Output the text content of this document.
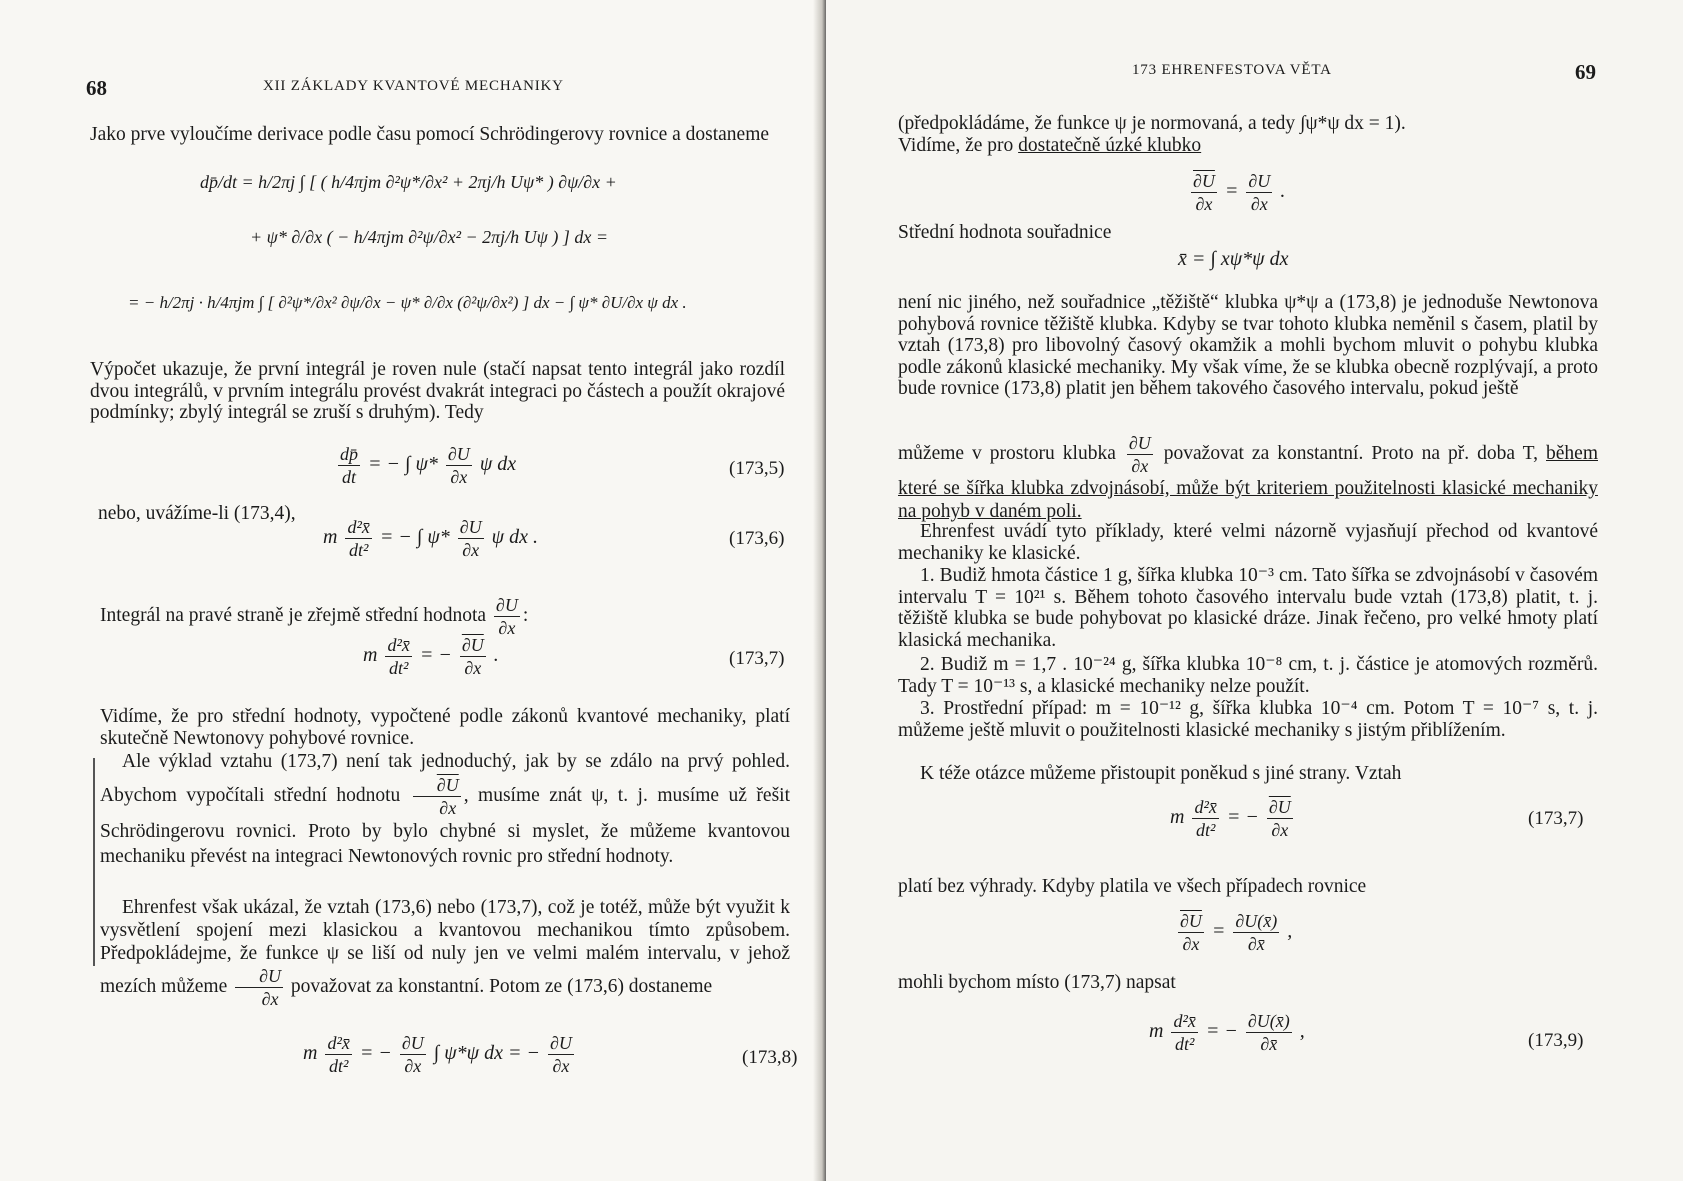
68	XII ZÁKLADY KVANTOVÉ MECHANIKY
Jako prve vyloučíme derivace podle času pomocí Schrödingerovy rovnice a dostaneme
dp̄/dt = h/2πj ∫ [ ( h/4πjm ∂²ψ*/∂x² + 2πj/h Uψ* ) ∂ψ/∂x +
+ ψ* ∂/∂x ( − h/4πjm ∂²ψ/∂x² − 2πj/h Uψ ) ] dx =
= − h/2πj · h/4πjm ∫ [ ∂²ψ*/∂x² ∂ψ/∂x − ψ* ∂/∂x (∂²ψ/∂x²) ] dx − ∫ ψ* ∂U/∂x ψ dx .
Výpočet ukazuje, že první integrál je roven nule (stačí napsat tento integrál jako rozdíl dvou integrálů, v prvním integrálu provést dvakrát integraci po částech a použít okrajové podmínky; zbylý integrál se zruší s druhým). Tedy
$\frac{dp̄}{dt}$ = − ∫ $\psi* \frac{\partial U}{\partial x}$ ψ dx	(173,5)
nebo, uvážíme-li (173,4),
m $\frac{\text{d²x̄}}{\text{dt²}}$ = − ∫ $\psi* \frac{\partial U}{\partial x}$ ψ dx .	(173,6)
Integrál na pravé straně je zřejmě střední hodnota $\frac{\partial U}{\partial x}$ :
m $\frac{\text{d²x̄}}{\text{dt²}}$ = − $\frac{\partial U}{\partial x}$ .	(173,7)
Vidíme, že pro střední hodnoty, vypočtené podle zákonů kvantové mechaniky, platí skutečně Newtonovy pohybové rovnice.
Ale výklad vztahu (173,7) není tak jednoduchý, jak by se zdálo na prvý pohled. Abychom vypočítali střední hodnotu $\frac{\partial U}{\partial x}$ , musíme znát ψ, t. j. musíme už řešit Schrödingerovu rovnici. Proto by bylo chybné si myslet, že můžeme kvantovou mechaniku převést na integraci Newtonových rovnic pro střední hodnoty.
Ehrenfest však ukázal, že vztah (173,6) nebo (173,7), což je totéž, může být využit k vysvětlení spojení mezi klasickou a kvantovou mechanikou tímto způsobem. Předpokládejme, že funkce ψ se liší od nuly jen ve velmi malém intervalu, v jehož mezích můžeme $\frac{\partial U}{\partial x}$ považovat za konstantní. Potom ze (173,6) dostaneme
m $\frac{\text{d²x̄}}{\text{dt²}}$ = − $\frac{\partial U}{\partial x}$ ∫ ψ*ψ dx = − $\frac{\partial U}{\partial x}$	(173,8)
173 EHRENFESTOVA VĚTA	69
(předpokládáme, že funkce ψ je normovaná, a tedy ∫ψ*ψ dx = 1).
Vidíme, že pro dostatečně úzké klubko
$\frac{\partial U}{\partial x} = \frac{\partial U}{\partial x}$ .
Střední hodnota souřadnice
x̄ = ∫ xψ*ψ dx
není nic jiného, než souřadnice „těžiště“ klubka ψ*ψ a (173,8) je jednoduše Newtonova pohybová rovnice těžiště klubka. Kdyby se tvar tohoto klubka neměnil s časem, platil by vztah (173,8) pro libovolný časový okamžik a mohli bychom mluvit o pohybu klubka podle zákonů klasické mechaniky. My však víme, že se klubka obecně rozplývají, a proto bude rovnice (173,8) platit jen během takového časového intervalu, pokud ještě
můžeme v prostoru klubka $\frac{\partial U}{\partial x}$ považovat za konstantní. Proto na př. doba T, během které se šířka klubka zdvojnásobí, může být kriteriem použitelnosti klasické mechaniky na pohyb v daném poli.
Ehrenfest uvádí tyto příklady, které velmi názorně vyjasňují přechod od kvantové mechaniky ke klasické.
1. Budiž hmota částice 1 g, šířka klubka 10⁻³ cm. Tato šířka se zdvojnásobí v časovém intervalu T = 10²¹ s. Během tohoto časového intervalu bude vztah (173,8) platit, t. j. těžiště klubka se bude pohybovat po klasické dráze. Jinak řečeno, pro velké hmoty platí klasická mechanika.
2. Budiž m = 1,7 . 10⁻²⁴ g, šířka klubka 10⁻⁸ cm, t. j. částice je atomových rozměrů. Tady T = 10⁻¹³ s, a klasické mechaniky nelze použít.
3. Prostřední případ: m = 10⁻¹² g, šířka klubka 10⁻⁴ cm. Potom T = 10⁻⁷ s, t. j. můžeme ještě mluvit o použitelnosti klasické mechaniky s jistým přiblížením.
K téže otázce můžeme přistoupit poněkud s jiné strany. Vztah
m $\frac{\text{d²x̄}}{\text{dt²}}$ = − $\frac{\partial U}{\partial x}$	(173,7)
platí bez výhrady. Kdyby platila ve všech případech rovnice
$\frac{\partial U}{\partial x} = \frac{\partial U(x̄)}{\partial x̄}$ ,
mohli bychom místo (173,7) napsat
m $\frac{\text{d²x̄}}{\text{dt²}}$ = − $\frac{\partial U(x̄)}{\partial x̄}$ ,	(173,9)
